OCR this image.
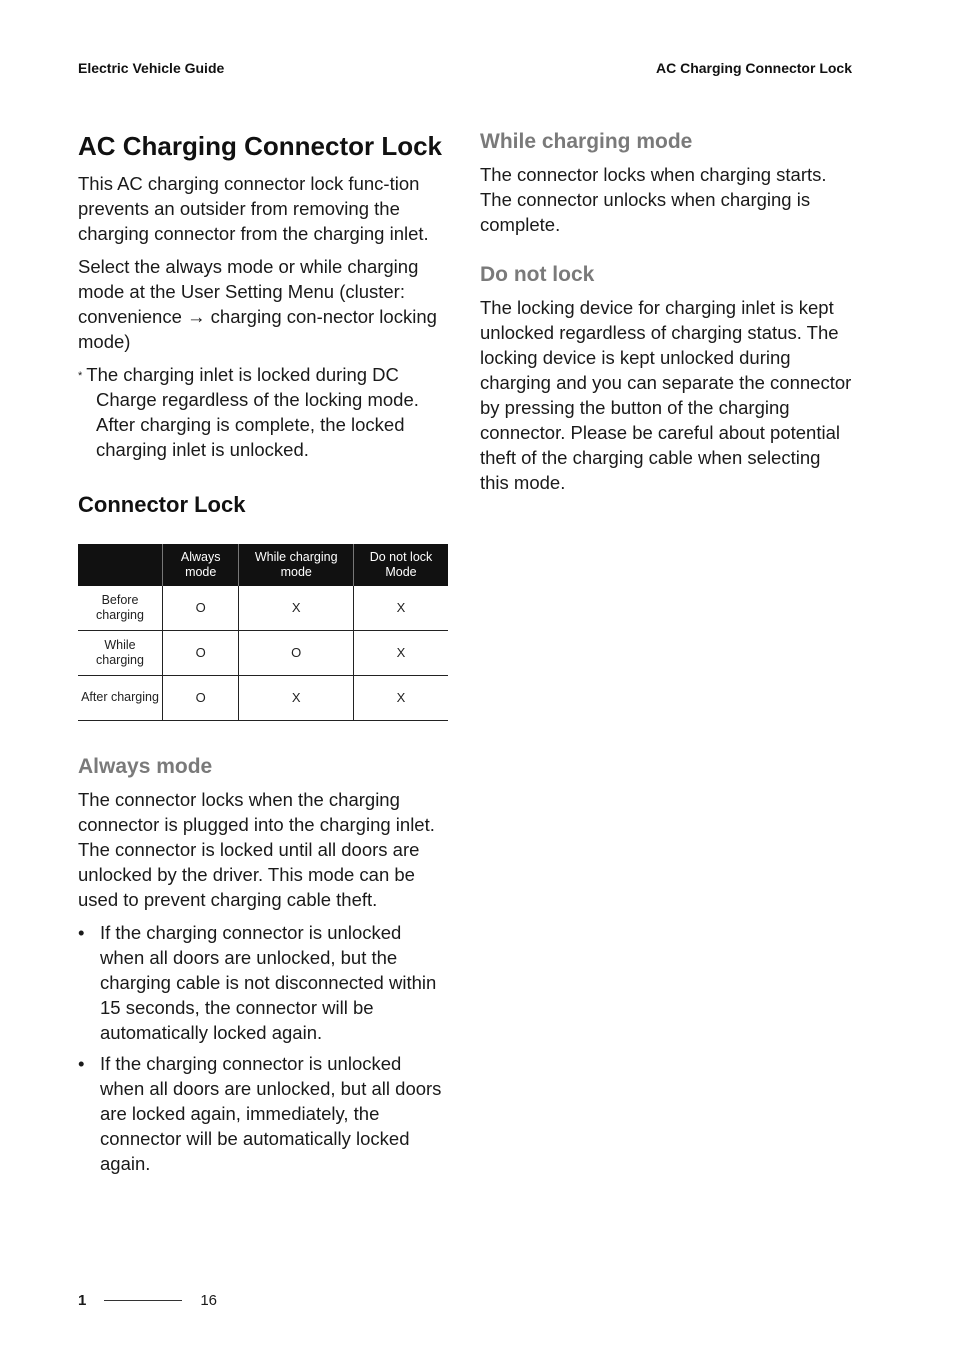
Electric Vehicle Guide	AC Charging Connector Lock
AC Charging Connector Lock

This AC charging connector lock func-tion prevents an outsider from removing the charging connector from the charging inlet.

Select the always mode or while charging mode at the User Setting Menu (cluster: convenience → charging con-nector locking mode)

* The charging inlet is locked during DC Charge regardless of the locking mode. After charging is complete, the locked charging inlet is unlocked.

Connector Lock
	Always mode	While charging mode	Do not lock Mode
Before charging	O	X	X
While charging	O	O	X
After charging	O	X	X
Always mode

The connector locks when the charging connector is plugged into the charging inlet. The connector is locked until all doors are unlocked by the driver. This mode can be used to prevent charging cable theft.

• If the charging connector is unlocked when all doors are unlocked, but the charging cable is not disconnected within 15 seconds, the connector will be automatically locked again.
• If the charging connector is unlocked when all doors are unlocked, but all doors are locked again, immediately, the connector will be automatically locked again.
While charging mode

The connector locks when charging starts. The connector unlocks when charging is complete.

Do not lock

The locking device for charging inlet is kept unlocked regardless of charging status. The locking device is kept unlocked during charging and you can separate the connector by pressing the button of the charging connector. Please be careful about potential theft of the charging cable when selecting this mode.

1	16
